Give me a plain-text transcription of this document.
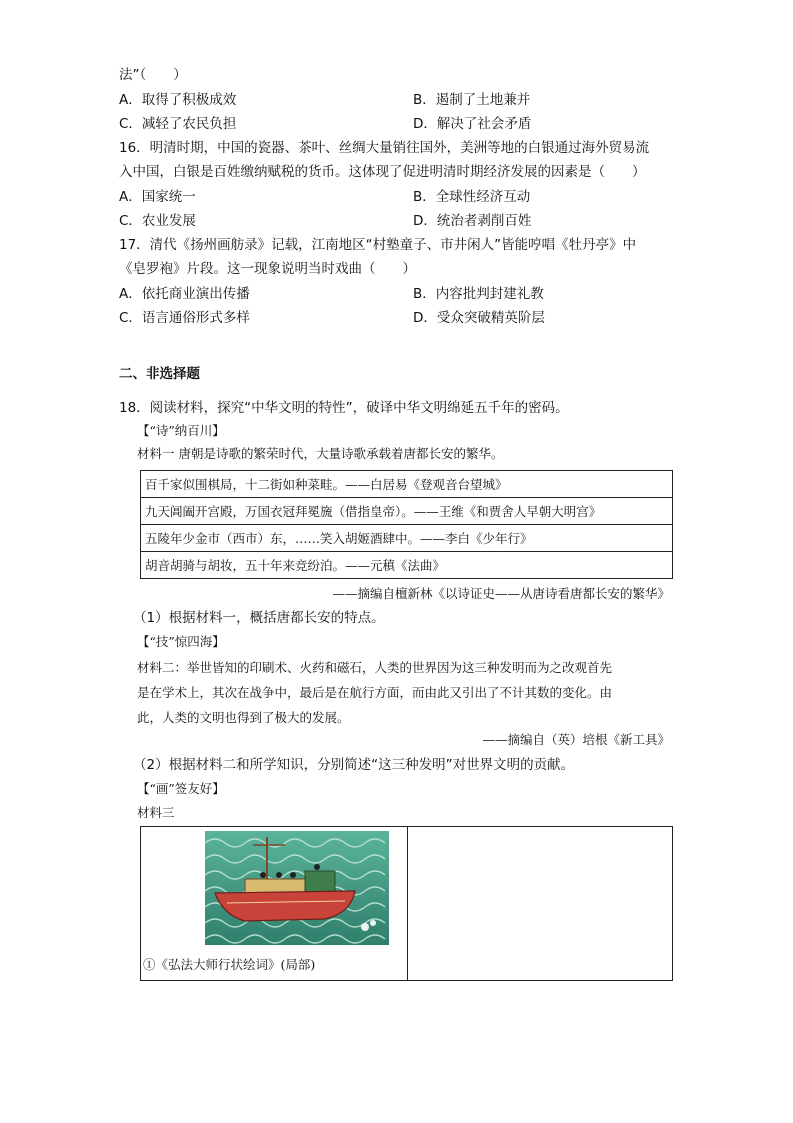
法”（　　）
A．取得了积极成效	B．遏制了土地兼并
C．减轻了农民负担	D．解决了社会矛盾
16．明清时期，中国的瓷器、茶叶、丝绸大量销往国外，美洲等地的白银通过海外贸易流
入中国，白银是百姓缴纳赋税的货币。这体现了促进明清时期经济发展的因素是（　　）
A．国家统一	B．全球性经济互动
C．农业发展	D．统治者剥削百姓
17．清代《扬州画舫录》记载，江南地区“村塾童子、市井闲人”皆能哼唱《牡丹亭》中
《皂罗袍》片段。这一现象说明当时戏曲（　　）
A．依托商业演出传播	B．内容批判封建礼教
C．语言通俗形式多样	D．受众突破精英阶层
二、非选择题
18．阅读材料，探究“中华文明的特性”，破译中华文明绵延五千年的密码。
【“诗”纳百川】
材料一 唐朝是诗歌的繁荣时代，大量诗歌承载着唐都长安的繁华。
百千家似围棋局，十二街如种菜畦。——白居易《登观音台望城》
九天阊阖开宫殿，万国衣冠拜冕旒（借指皇帝）。——王维《和贾舍人早朝大明宫》
五陵年少金市（西市）东，……笑入胡姬酒肆中。——李白《少年行》
胡音胡骑与胡妆，五十年来竞纷泊。——元稹《法曲》
——摘编自檀新林《以诗证史——从唐诗看唐都长安的繁华》
（1）根据材料一，概括唐都长安的特点。
【“技”惊四海】
材料二：举世皆知的印刷术、火药和磁石，人类的世界因为这三种发明而为之改观首先
是在学术上，其次在战争中，最后是在航行方面，而由此又引出了不计其数的变化。由
此，人类的文明也得到了极大的发展。
——摘编自（英）培根《新工具》
（2）根据材料二和所学知识，分别简述“这三种发明”对世界文明的贡献。
【“画”签友好】
材料三
①《弘法大师行状绘词》(局部)
